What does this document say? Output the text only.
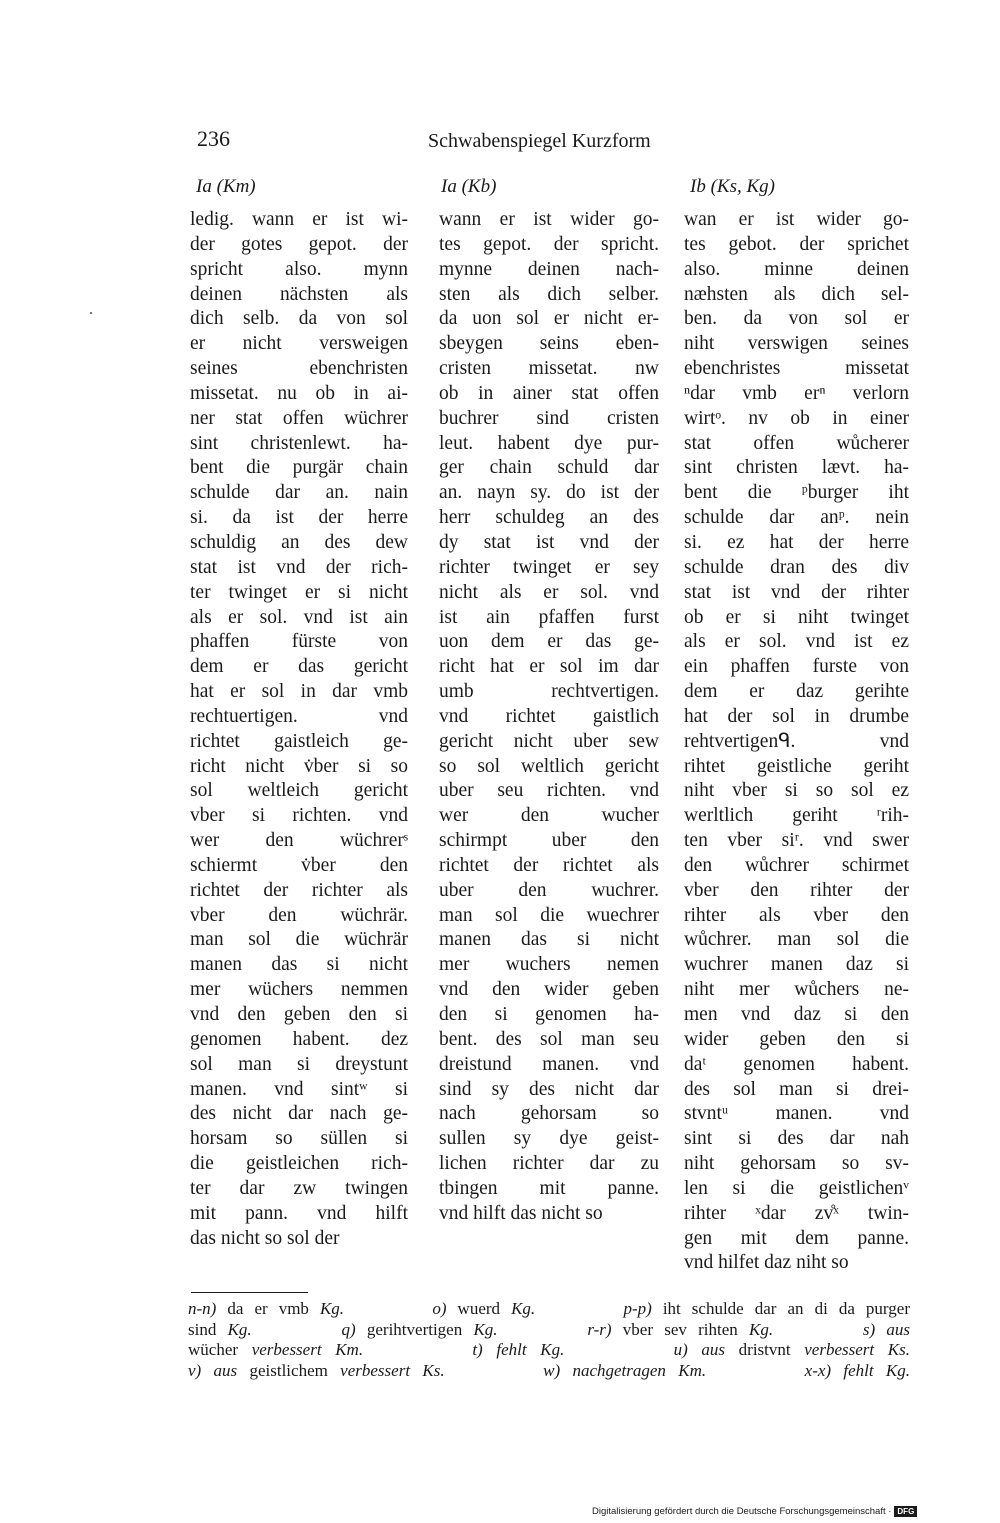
236	Schwabenspiegel Kurzform
Ia (Km)	Ia (Kb)	Ib (Ks, Kg)
ledig. wann er ist wi-
der gotes gepot. der
spricht also. mynn
deinen nächsten als
dich selb. da von sol
er nicht versweigen
seines ebenchristen
missetat. nu ob in ai-
ner stat offen wüchrer
sint christenlewt. ha-
bent die purgär chain
schulde dar an. nain
si. da ist der herre
schuldig an des dew
stat ist vnd der rich-
ter twinget er si nicht
als er sol. vnd ist ain
phaffen fürste von
dem er das gericht
hat er sol in dar vmb
rechtuertigen. vnd
richtet gaistleich ge-
richt nicht v̇ber si so
sol weltleich gericht
vber si richten. vnd
wer den wüchrerˢ
schiermt v̇ber den
richtet der richter als
vber den wüchrär.
man sol die wüchrär
manen das si nicht
mer wüchers nemmen
vnd den geben den si
genomen habent. dez
sol man si dreystunt
manen. vnd sintʷ si
des nicht dar nach ge-
horsam so süllen si
die geistleichen rich-
ter dar zw twingen
mit pann. vnd hilft
das nicht so sol der
wann er ist wider go-
tes gepot. der spricht.
mynne deinen nach-
sten als dich selber.
da uon sol er nicht er-
sbeygen seins eben-
cristen missetat. nw
ob in ainer stat offen
buchrer sind cristen
leut. habent dye pur-
ger chain schuld dar
an. nayn sy. do ist der
herr schuldeg an des
dy stat ist vnd der
richter twinget er sey
nicht als er sol. vnd
ist ain pfaffen furst
uon dem er das ge-
richt hat er sol im dar
umb rechtvertigen.
vnd richtet gaistlich
gericht nicht uber sew
so sol weltlich gericht
uber seu richten. vnd
wer den wucher
schirmpt uber den
richtet der richtet als
uber den wuchrer.
man sol die wuechrer
manen das si nicht
mer wuchers nemen
vnd den wider geben
den si genomen ha-
bent. des sol man seu
dreistund manen. vnd
sind sy des nicht dar
nach gehorsam so
sullen sy dye geist-
lichen richter dar zu
tbingen mit panne.
vnd hilft das nicht so
wan er ist wider go-
tes gebot. der sprichet
also. minne deinen
næhsten als dich sel-
ben. da von sol er
niht verswigen seines
ebenchristes missetat
ⁿdar vmb erⁿ verlorn
wirtᵒ. nv ob in einer
stat offen wůcherer
sint christen lævt. ha-
bent die ᵖburger iht
schulde dar anᵖ. nein
si. ez hat der herre
schulde dran des div
stat ist vnd der rihter
ob er si niht twinget
als er sol. vnd ist ez
ein phaffen furste von
dem er daz gerihte
hat der sol in drumbe
rehtvertigenᑫ. vnd
rihtet geistliche geriht
niht vber si so sol ez
werltlich geriht ʳrih-
ten vber siʳ. vnd swer
den wůchrer schirmet
vber den rihter der
rihter als vber den
wůchrer. man sol die
wuchrer manen daz si
niht mer wůchers ne-
men vnd daz si den
wider geben den si
daᵗ genomen habent.
des sol man si drei-
stvntᵘ manen. vnd
sint si des dar nah
niht gehorsam so sv-
len si die geistlichenᵛ
rihter ˣdar zv̊ˣ twin-
gen mit dem panne.
vnd hilfet daz niht so
n-n) da er vmb Kg.        o) wuerd Kg.        p-p) iht schulde dar an di da purger
sind Kg.        q) gerihtvertigen Kg.        r-r) vber sev rihten Kg.        s) aus
wücher verbessert Km.        t) fehlt Kg.        u) aus dristvnt verbessert Ks.
v) aus geistlichem verbessert Ks.        w) nachgetragen Km.        x-x) fehlt Kg.
Digitalisierung gefördert durch die Deutsche Forschungsgemeinschaft · DFG
